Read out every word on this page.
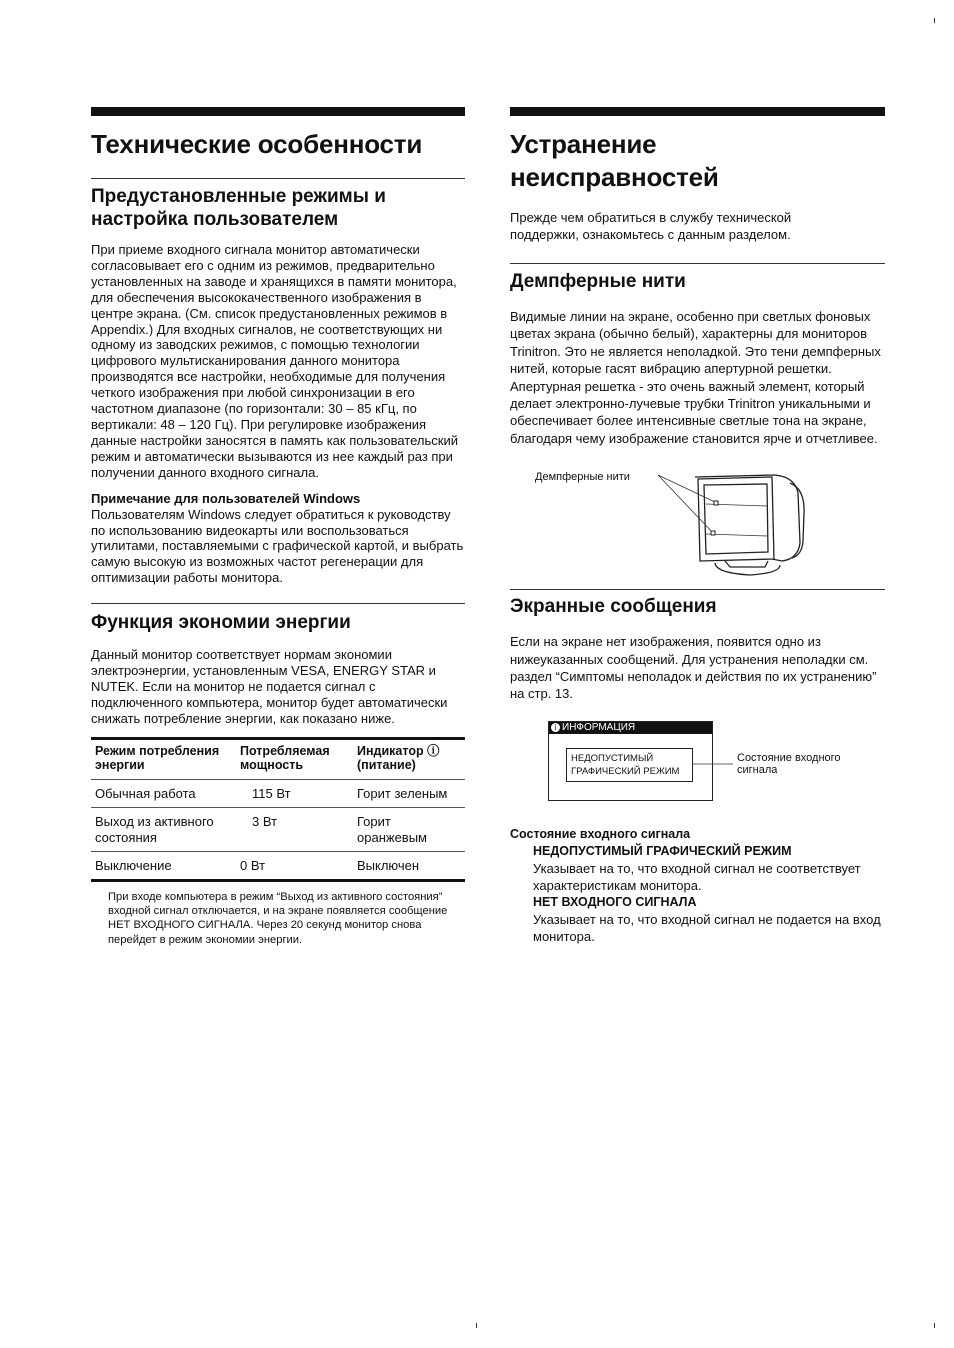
Технические особенности
Предустановленные режимы и настройка пользователем

При приеме входного сигнала монитор автоматически согласовывает его с одним из режимов, предварительно установленных на заводе и хранящихся в памяти монитора, для обеспечения высококачественного изображения в центре экрана. (См. список предустановленных режимов в Appendix.) Для входных сигналов, не соответствующих ни одному из заводских режимов, с помощью технологии цифрового мультисканирования данного монитора производятся все настройки, необходимые для получения четкого изображения при любой синхронизации в его частотном диапазоне (по горизонтали: 30 – 85 кГц, по вертикали: 48 – 120 Гц). При регулировке изображения данные настройки заносятся в память как пользовательский режим и автоматически вызываются из нее каждый раз при получении данного входного сигнала.

Примечание для пользователей Windows

Пользователям Windows следует обратиться к руководству по использованию видеокарты или воспользоваться утилитами, поставляемыми с графической картой, и выбрать самую высокую из возможных частот регенерации для оптимизации работы монитора.

Функция экономии энергии

Данный монитор соответствует нормам экономии электроэнергии, установленным VESA, ENERGY STAR и NUTEK. Если на монитор не подается сигнал с подключенного компьютера, монитор будет автоматически снижать потребление энергии, как показано ниже.

Режим потребления энергии	Потребляемая мощность	Индикатор ⓘ (питание)
Обычная работа	115 Вт	Горит зеленым
Выход из активного состояния	3 Вт	Горит оранжевым
Выключение	0 Вт	Выключен

При входе компьютера в режим “Выход из активного состояния” входной сигнал отключается, и на экране появляется сообщение НЕТ ВХОДНОГО СИГНАЛА. Через 20 секунд монитор снова перейдет в режим экономии энергии.

Устранение неисправностей

Прежде чем обратиться в службу технической поддержки, ознакомьтесь с данным разделом.

Демпферные нити

Видимые линии на экране, особенно при светлых фоновых цветах экрана (обычно белый), характерны для мониторов Trinitron. Это не является неполадкой. Это тени демпферных нитей, которые гасят вибрацию апертурной решетки. Апертурная решетка - это очень важный элемент, который делает электронно-лучевые трубки Trinitron уникальными и обеспечивает более интенсивные светлые тона на экране, благодаря чему изображение становится ярче и отчетливее.

Демпферные нити
Экранные сообщения

Если на экране нет изображения, появится одно из нижеуказанных сообщений. Для устранения неполадки см. раздел “Симптомы неполадок и действия по их устранению” на стр. 13.

i ИНФОРМАЦИЯ
НЕДОПУСТИМЫЙ
ГРАФИЧЕСКИЙ РЕЖИМ
Состояние входного сигнала
Состояние входного сигнала
НЕДОПУСТИМЫЙ ГРАФИЧЕСКИЙ РЕЖИМ

Указывает на то, что входной сигнал не соответствует характеристикам монитора.

НЕТ ВХОДНОГО СИГНАЛА

Указывает на то, что входной сигнал не подается на вход монитора.
